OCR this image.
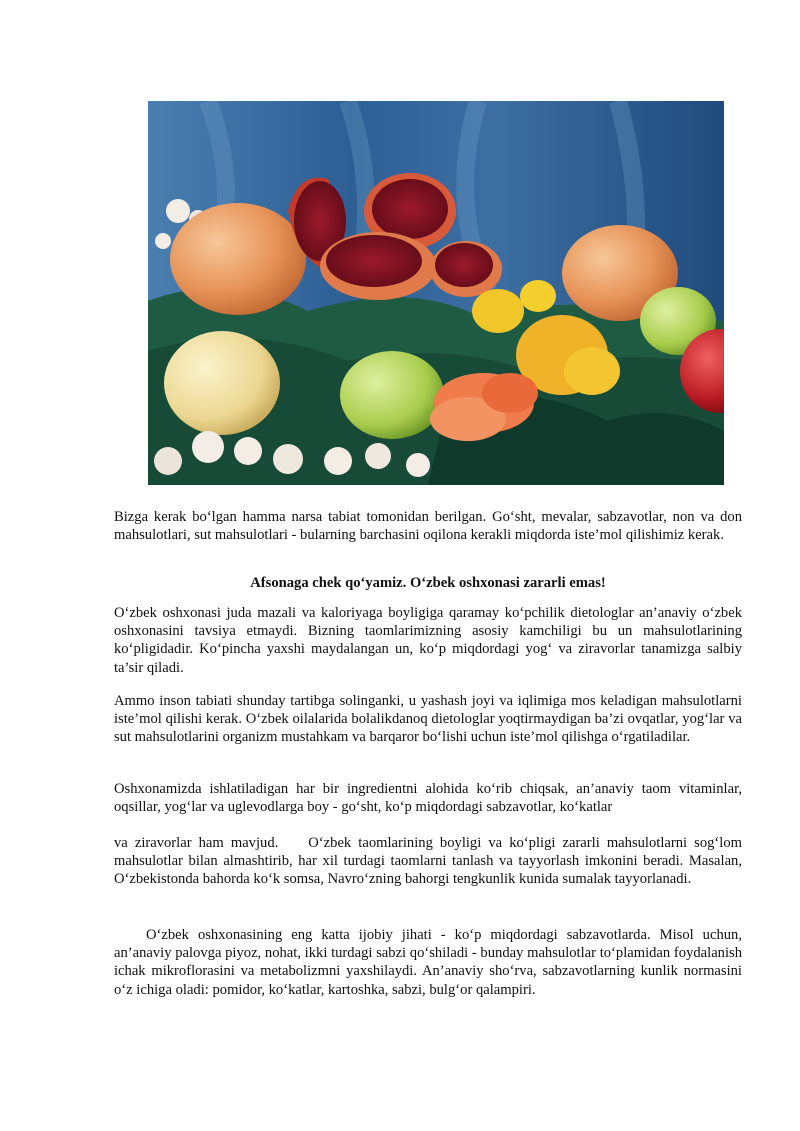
Bizga kerak bo‘lgan hamma narsa tabiat tomonidan berilgan. Go‘sht, mevalar, sabzavotlar, non va don mahsulotlari, sut mahsulotlari - bularning barchasini oqilona kerakli miqdorda iste’mol qilishimiz kerak.
Afsonaga chek qo‘yamiz. O‘zbek oshxonasi zararli emas!
O‘zbek oshxonasi juda mazali va kaloriyaga boyligiga qaramay ko‘pchilik dietologlar an’anaviy o‘zbek oshxonasini tavsiya etmaydi. Bizning taomlarimizning asosiy kamchiligi bu un mahsulotlarining ko‘pligidadir. Ko‘pincha yaxshi maydalangan un, ko‘p miqdordagi yog‘ va ziravorlar tanamizga salbiy ta’sir qiladi.
Ammo inson tabiati shunday tartibga solinganki, u yashash joyi va iqlimiga mos keladigan mahsulotlarni iste’mol qilishi kerak. O‘zbek oilalarida bolalikdanoq dietologlar yoqtirmaydigan ba’zi ovqatlar, yog‘lar va sut mahsulotlarini organizm mustahkam va barqaror bo‘lishi uchun iste’mol qilishga o‘rgatiladilar.
Oshxonamizda ishlatiladigan har bir ingredientni alohida ko‘rib chiqsak, an’anaviy taom vitaminlar, oqsillar, yog‘lar va uglevodlarga boy - go‘sht, ko‘p miqdordagi sabzavotlar, ko‘katlar
va ziravorlar ham mavjud. O‘zbek taomlarining boyligi va ko‘pligi zararli mahsulotlarni sog‘lom mahsulotlar bilan almashtirib, har xil turdagi taomlarni tanlash va tayyorlash imkonini beradi. Masalan, O‘zbekistonda bahorda ko‘k somsa, Navro‘zning bahorgi tengkunlik kunida sumalak tayyorlanadi.
O‘zbek oshxonasining eng katta ijobiy jihati - ko‘p miqdordagi sabzavotlarda. Misol uchun, an’anaviy palovga piyoz, nohat, ikki turdagi sabzi qo‘shiladi - bunday mahsulotlar to‘plamidan foydalanish ichak mikroflorasini va metabolizmni yaxshilaydi. An’anaviy sho‘rva, sabzavotlarning kunlik normasini o‘z ichiga oladi: pomidor, ko‘katlar, kartoshka, sabzi, bulg‘or qalampiri.
